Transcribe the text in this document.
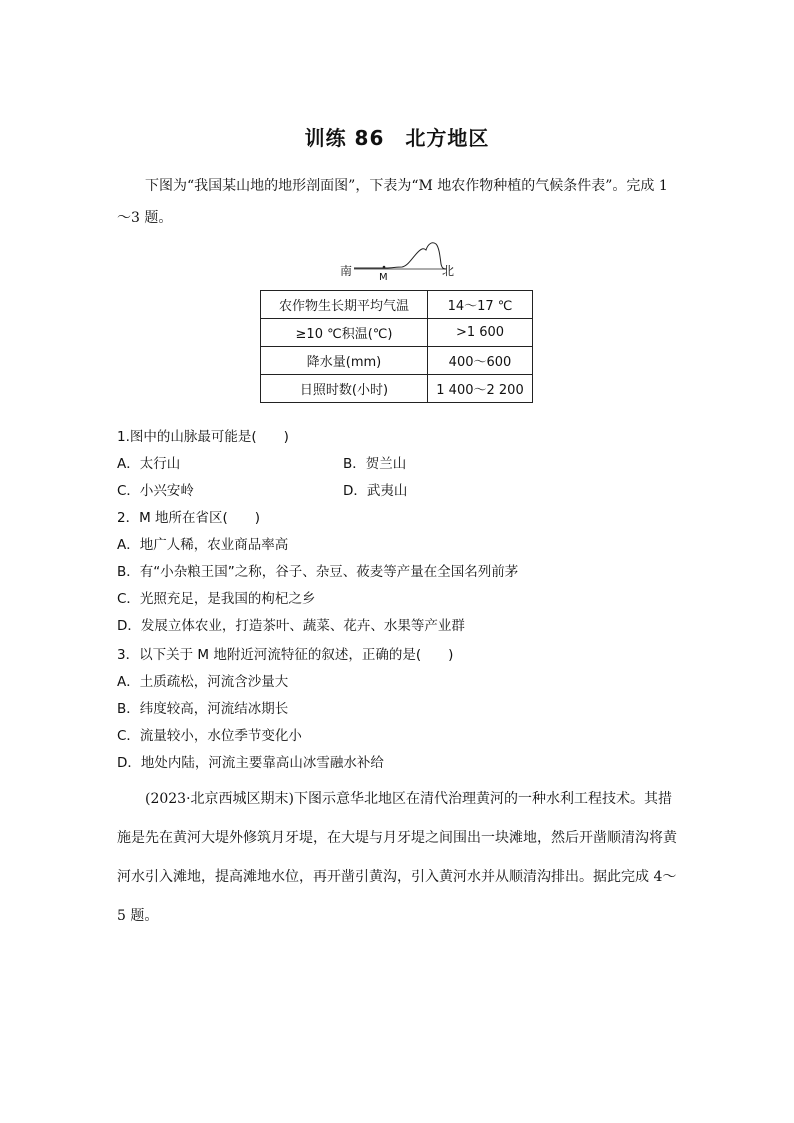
训练 86　北方地区

下图为“我国某山地的地形剖面图”，下表为“M 地农作物种植的气候条件表”。完成 1～3 题。

南	M	北
农作物生长期平均气温	14～17 ℃
≥10 ℃积温(℃)	>1 600
降水量(mm)	400～600
日照时数(小时)	1 400～2 200

1.图中的山脉最可能是(　　)

A．太行山	B．贺兰山

C．小兴安岭	D．武夷山

2．M 地所在省区(　　)

A．地广人稀，农业商品率高

B．有“小杂粮王国”之称，谷子、杂豆、莜麦等产量在全国名列前茅

C．光照充足，是我国的枸杞之乡

D．发展立体农业，打造茶叶、蔬菜、花卉、水果等产业群

3．以下关于 M 地附近河流特征的叙述，正确的是(　　)

A．土质疏松，河流含沙量大

B．纬度较高，河流结冰期长

C．流量较小，水位季节变化小

D．地处内陆，河流主要靠高山冰雪融水补给

(2023·北京西城区期末)下图示意华北地区在清代治理黄河的一种水利工程技术。其措施是先在黄河大堤外修筑月牙堤，在大堤与月牙堤之间围出一块滩地，然后开凿顺清沟将黄河水引入滩地，提高滩地水位，再开凿引黄沟，引入黄河水并从顺清沟排出。据此完成 4～5 题。
